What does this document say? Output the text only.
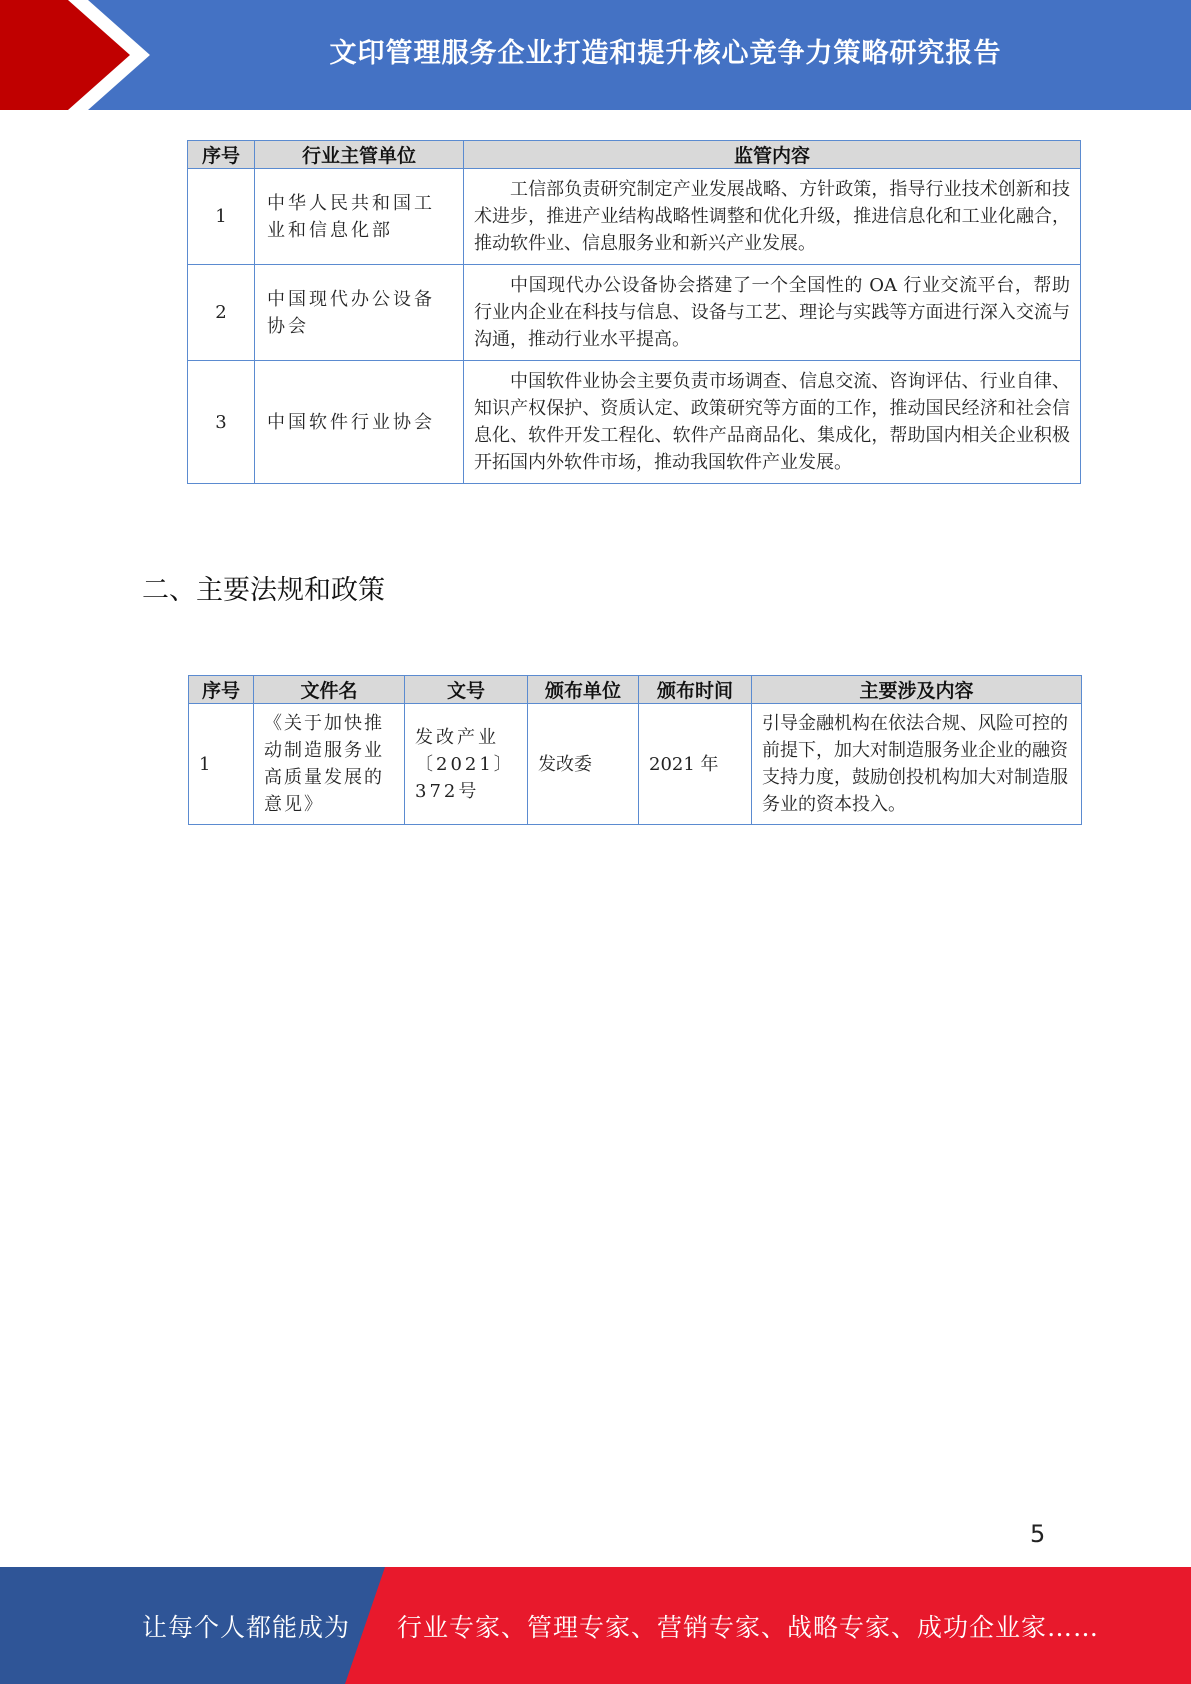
文印管理服务企业打造和提升核心竞争力策略研究报告
序号	行业主管单位	监管内容
1	中华人民共和国工业和信息化部	工信部负责研究制定产业发展战略、方针政策，指导行业技术创新和技术进步，推进产业结构战略性调整和优化升级，推进信息化和工业化融合，推动软件业、信息服务业和新兴产业发展。
2	中国现代办公设备协会	中国现代办公设备协会搭建了一个全国性的 OA 行业交流平台，帮助行业内企业在科技与信息、设备与工艺、理论与实践等方面进行深入交流与沟通，推动行业水平提高。
3	中国软件行业协会	中国软件业协会主要负责市场调查、信息交流、咨询评估、行业自律、知识产权保护、资质认定、政策研究等方面的工作，推动国民经济和社会信息化、软件开发工程化、软件产品商品化、集成化，帮助国内相关企业积极开拓国内外软件市场，推动我国软件产业发展。
二、主要法规和政策
序号	文件名	文号	颁布单位	颁布时间	主要涉及内容
1	《关于加快推动制造服务业高质量发展的意见》	发改产业〔2021〕372号	发改委	2021 年	引导金融机构在依法合规、风险可控的前提下，加大对制造服务业企业的融资支持力度，鼓励创投机构加大对制造服务业的资本投入。
5
让每个人都能成为 行业专家、管理专家、营销专家、战略专家、成功企业家……
